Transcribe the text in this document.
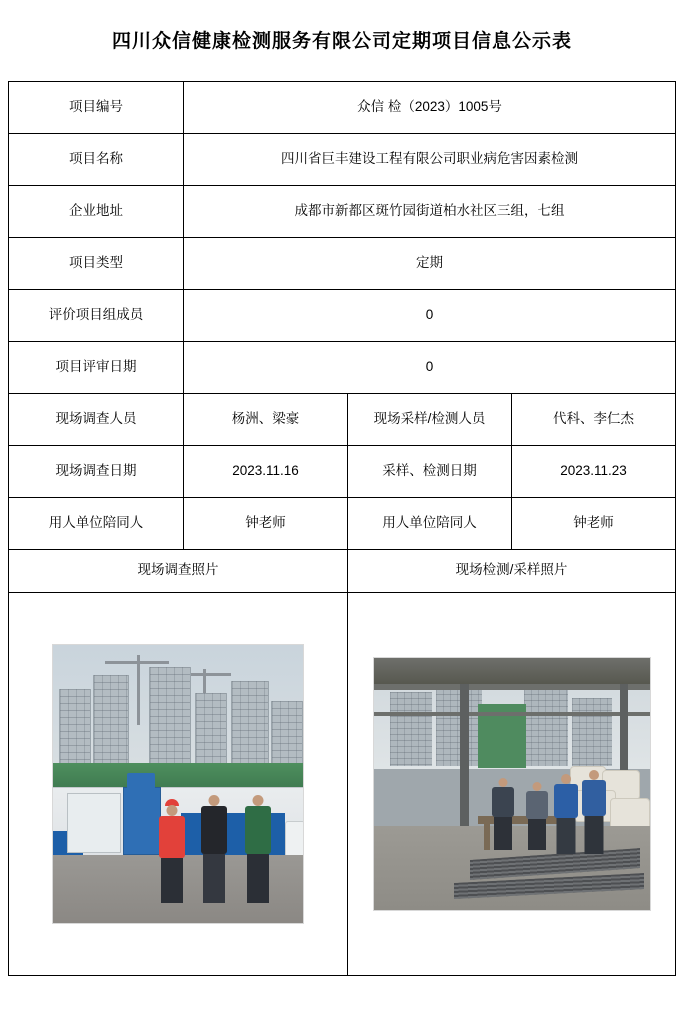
四川众信健康检测服务有限公司定期项目信息公示表
项目编号	众信 检（2023）1005号		
项目名称	四川省巨丰建设工程有限公司职业病危害因素检测		
企业地址	成都市新都区斑竹园街道柏水社区三组，七组		
项目类型	定期		
评价项目组成员	0		
项目评审日期	0		
现场调查人员	杨洲、梁豪	现场采样/检测人员	代科、李仁杰
现场调查日期	2023.11.16	采样、检测日期	2023.11.23
用人单位陪同人	钟老师	用人单位陪同人	钟老师
现场调查照片		现场检测/采样照片	
